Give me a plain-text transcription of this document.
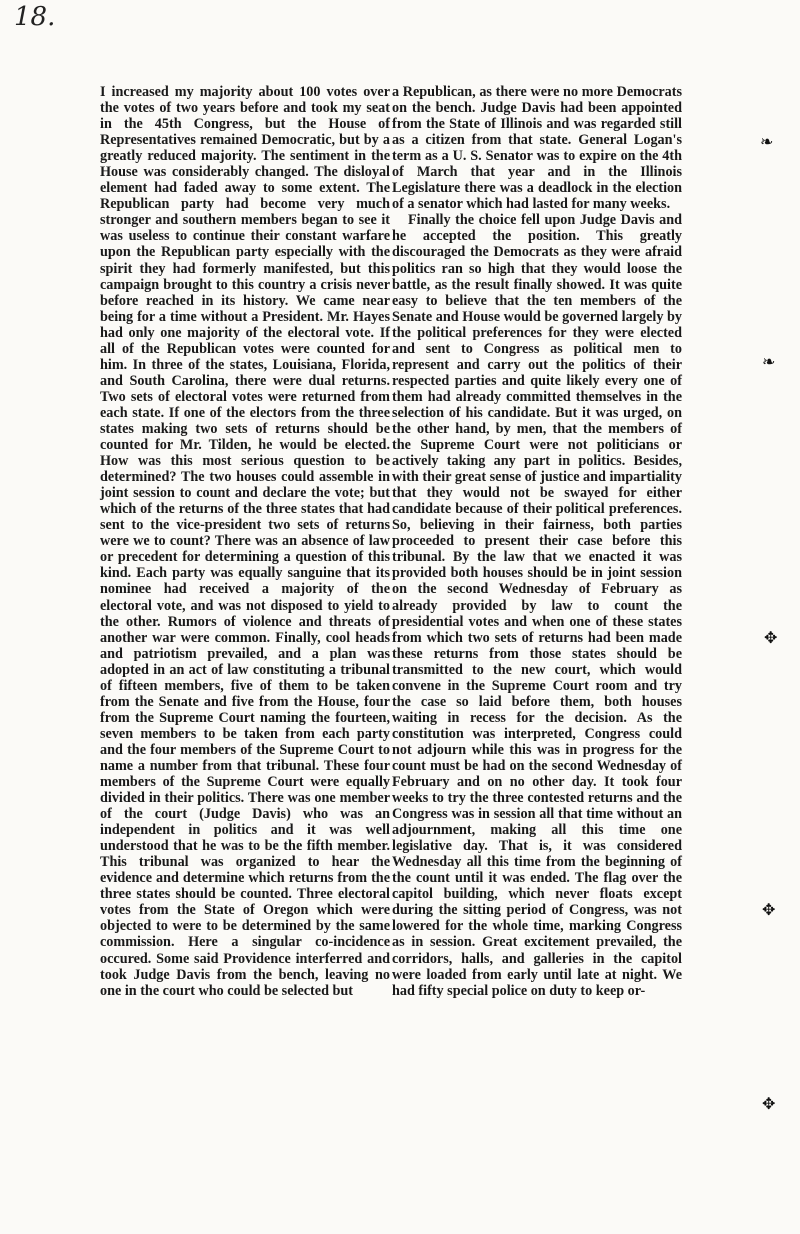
18.

I increased my majority about 100 votes over the votes of two years before and took my seat in the 45th Congress, but the House of Representatives remained Democratic, but by a greatly reduced majority. The sentiment in the House was considerably changed. The disloyal element had faded away to some extent. The Republican party had become very much stronger and southern members began to see it was useless to continue their constant warfare upon the Republican party especially with the spirit they had formerly manifested, but this campaign brought to this country a crisis never before reached in its history. We came near being for a time without a President. Mr. Hayes had only one majority of the electoral vote. If all of the Republican votes were counted for him. In three of the states, Louisiana, Florida, and South Carolina, there were dual returns. Two sets of electoral votes were returned from each state. If one of the electors from the three states making two sets of returns should be counted for Mr. Tilden, he would be elected. How was this most serious question to be determined? The two houses could assemble in joint session to count and declare the vote; but which of the returns of the three states that had sent to the vice-president two sets of returns were we to count? There was an absence of law or precedent for determining a question of this kind. Each party was equally sanguine that its nominee had received a majority of the electoral vote, and was not disposed to yield to the other. Rumors of violence and threats of another war were common. Finally, cool heads and patriotism prevailed, and a plan was adopted in an act of law constituting a tribunal of fifteen members, five of them to be taken from the Senate and five from the House, four from the Supreme Court naming the fourteen, seven members to be taken from each party and the four members of the Supreme Court to name a number from that tribunal. These four members of the Supreme Court were equally divided in their politics. There was one member of the court (Judge Davis) who was an independent in politics and it was well understood that he was to be the fifth member. This tribunal was organized to hear the evidence and determine which returns from the three states should be counted. Three electoral votes from the State of Oregon which were objected to were to be determined by the same commission. Here a singular co-incidence occured. Some said Providence interferred and took Judge Davis from the bench, leaving no one in the court who could be selected but

a Republican, as there were no more Democrats on the bench. Judge Davis had been appointed from the State of Illinois and was regarded still as a citizen from that state. General Logan's term as a U. S. Senator was to expire on the 4th of March that year and in the Illinois Legislature there was a deadlock in the election of a senator which had lasted for many weeks.

Finally the choice fell upon Judge Davis and he accepted the position. This greatly discouraged the Democrats as they were afraid politics ran so high that they would loose the battle, as the result finally showed. It was quite easy to believe that the ten members of the Senate and House would be governed largely by the political preferences for they were elected and sent to Congress as political men to represent and carry out the politics of their respected parties and quite likely every one of them had already committed themselves in the selection of his candidate. But it was urged, on the other hand, by men, that the members of the Supreme Court were not politicians or actively taking any part in politics. Besides, with their great sense of justice and impartiality that they would not be swayed for either candidate because of their political preferences. So, believing in their fairness, both parties proceeded to present their case before this tribunal. By the law that we enacted it was provided both houses should be in joint session on the second Wednesday of February as already provided by law to count the presidential votes and when one of these states from which two sets of returns had been made these returns from those states should be transmitted to the new court, which would convene in the Supreme Court room and try the case so laid before them, both houses waiting in recess for the decision. As the constitution was interpreted, Congress could not adjourn while this was in progress for the count must be had on the second Wednesday of February and on no other day. It took four weeks to try the three contested returns and the Congress was in session all that time without an adjournment, making all this time one legislative day. That is, it was considered Wednesday all this time from the beginning of the count until it was ended. The flag over the capitol building, which never floats except during the sitting period of Congress, was not lowered for the whole time, marking Congress as in session. Great excitement prevailed, the corridors, halls, and galleries in the capitol were loaded from early until late at night. We had fifty special police on duty to keep or-

❧
❧
✥
✥
✥
